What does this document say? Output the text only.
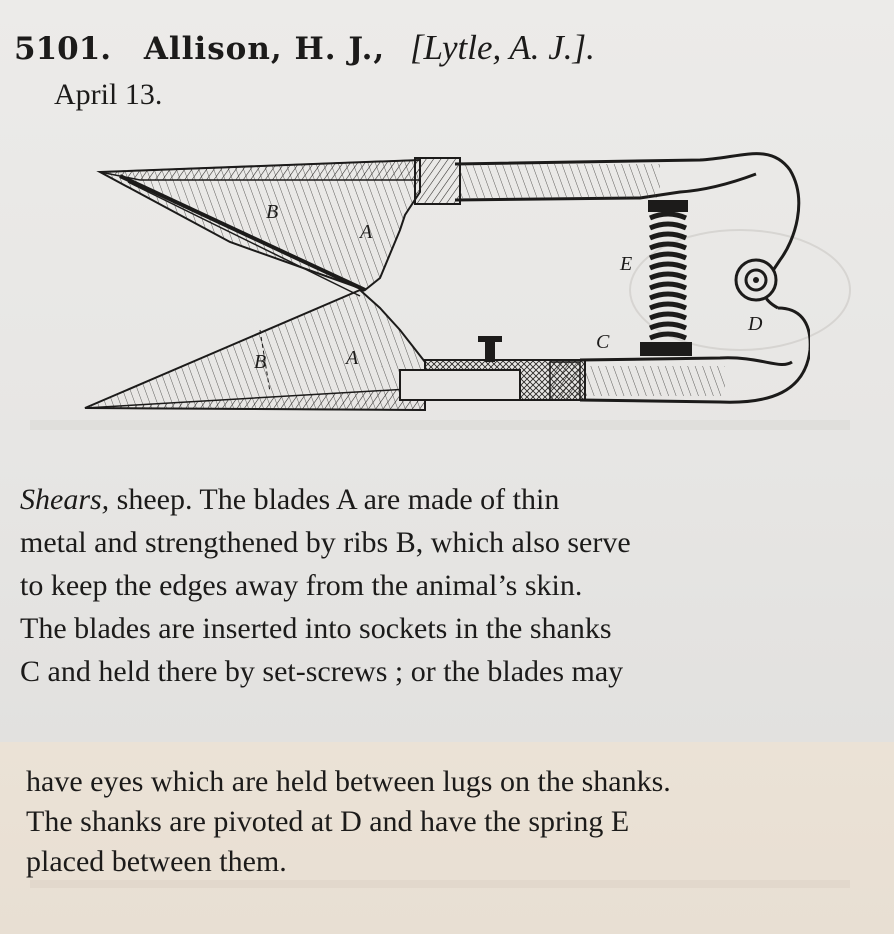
5101. Allison, H. J., [Lytle, A. J.].
April 13.
B
A
B	A
E
C
D
Shears, sheep. The blades A are made of thin
metal and strengthened by ribs B, which also serve
to keep the edges away from the animal’s skin.
The blades are inserted into sockets in the shanks
C and held there by set-screws ; or the blades may
have eyes which are held between lugs on the shanks.
The shanks are pivoted at D and have the spring E
placed between them.
